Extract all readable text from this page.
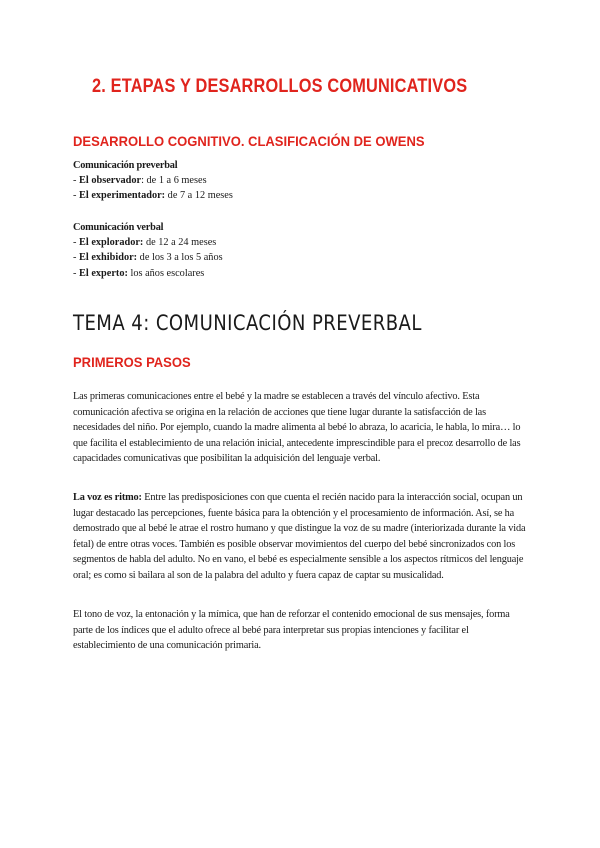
2. ETAPAS Y DESARROLLOS COMUNICATIVOS
DESARROLLO COGNITIVO. CLASIFICACIÓN DE OWENS
Comunicación preverbal
- El observador: de 1 a 6 meses
- El experimentador: de 7 a 12 meses
Comunicación verbal
- El explorador: de 12 a 24 meses
- El exhibidor: de los 3 a los 5 años
- El experto: los años escolares
TEMA 4: COMUNICACIÓN PREVERBAL
PRIMEROS PASOS

Las primeras comunicaciones entre el bebé y la madre se establecen a través del vínculo afectivo. Esta comunicación afectiva se origina en la relación de acciones que tiene lugar durante la satisfacción de las necesidades del niño. Por ejemplo, cuando la madre alimenta al bebé lo abraza, lo acaricia, le habla, lo mira… lo que facilita el establecimiento de una relación inicial, antecedente imprescindible para el precoz desarrollo de las capacidades comunicativas que posibilitan la adquisición del lenguaje verbal.

La voz es ritmo: Entre las predisposiciones con que cuenta el recién nacido para la interacción social, ocupan un lugar destacado las percepciones, fuente básica para la obtención y el procesamiento de información. Así, se ha demostrado que al bebé le atrae el rostro humano y que distingue la voz de su madre (interiorizada durante la vida fetal) de entre otras voces. También es posible observar movimientos del cuerpo del bebé sincronizados con los segmentos de habla del adulto. No en vano, el bebé es especialmente sensible a los aspectos rítmicos del lenguaje oral; es como si bailara al son de la palabra del adulto y fuera capaz de captar su musicalidad.

El tono de voz, la entonación y la mímica, que han de reforzar el contenido emocional de sus mensajes, forma parte de los índices que el adulto ofrece al bebé para interpretar sus propias intenciones y facilitar el establecimiento de una comunicación primaria.
